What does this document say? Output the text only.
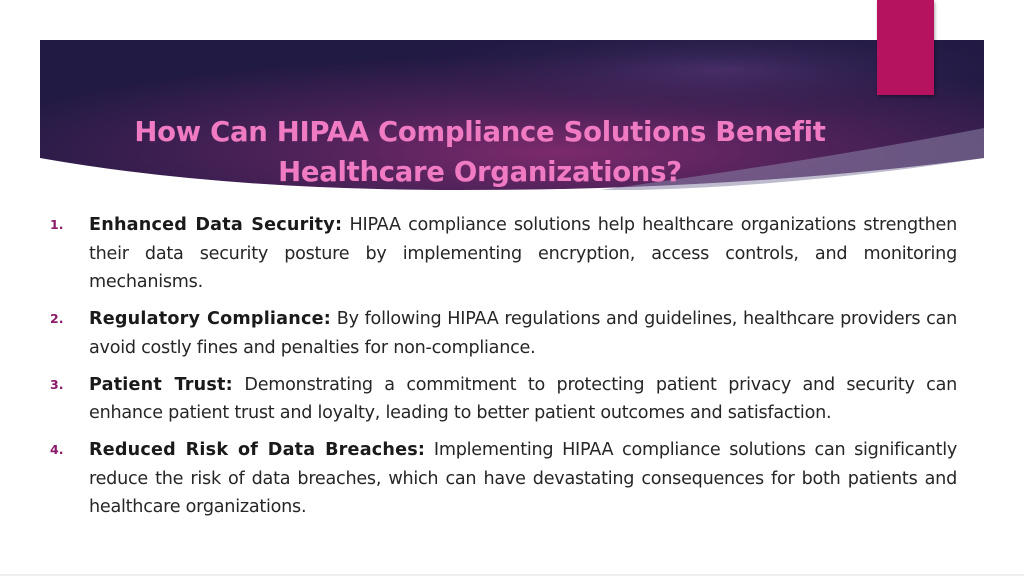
How Can HIPAA Compliance Solutions Benefit Healthcare Organizations?
1. Enhanced Data Security: HIPAA compliance solutions help healthcare organizations strengthen their data security posture by implementing encryption, access controls, and monitoring mechanisms.
2. Regulatory Compliance: By following HIPAA regulations and guidelines, healthcare providers can avoid costly fines and penalties for non-compliance.
3. Patient Trust: Demonstrating a commitment to protecting patient privacy and security can enhance patient trust and loyalty, leading to better patient outcomes and satisfaction.
4. Reduced Risk of Data Breaches: Implementing HIPAA compliance solutions can significantly reduce the risk of data breaches, which can have devastating consequences for both patients and healthcare organizations.
